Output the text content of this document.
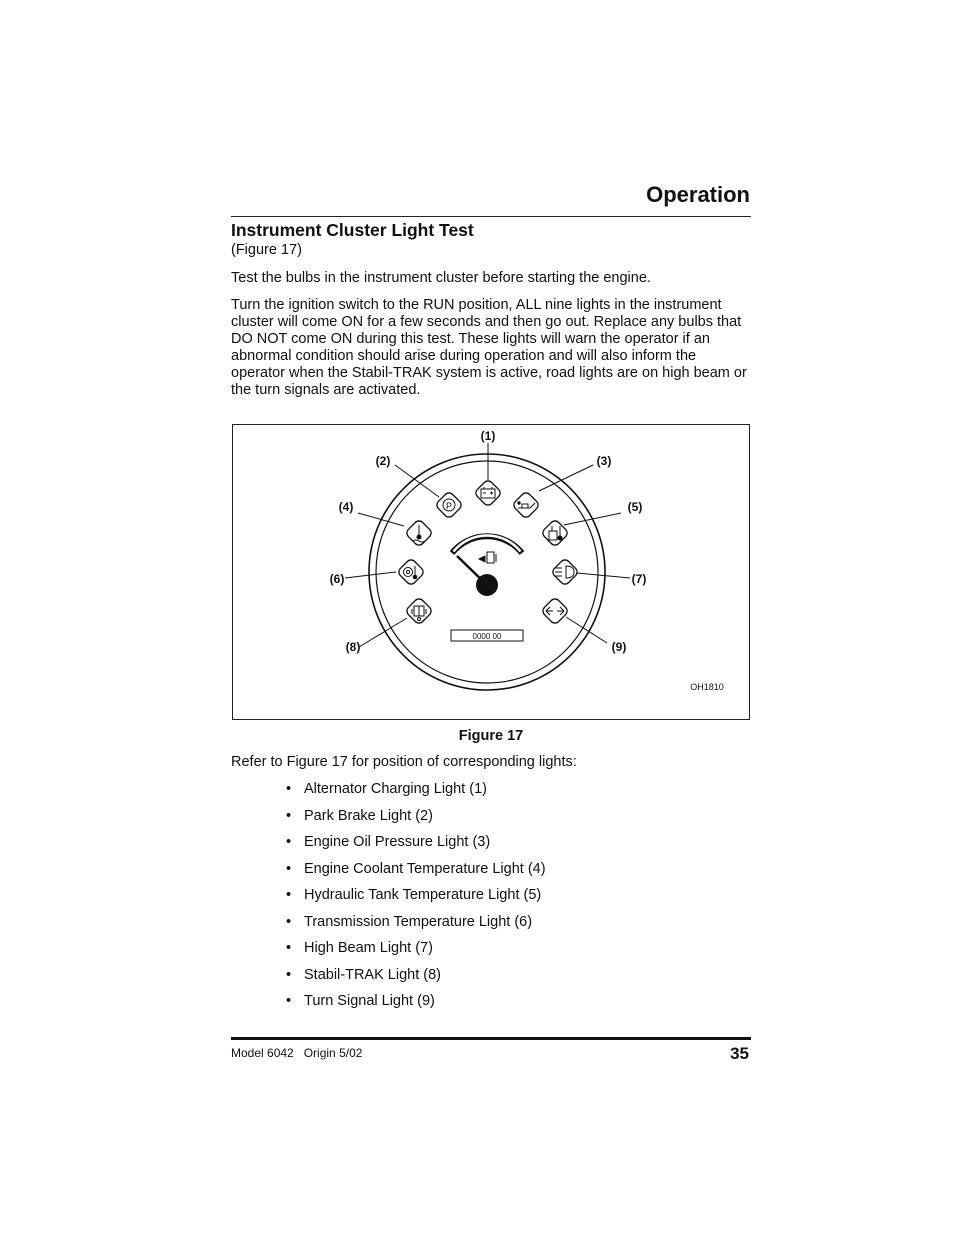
Operation
Instrument Cluster Light Test
(Figure 17)

Test the bulbs in the instrument cluster before starting the engine.

Turn the ignition switch to the RUN position, ALL nine lights in the instrument cluster will come ON for a few seconds and then go out. Replace any bulbs that DO NOT come ON during this test. These lights will warn the operator if an abnormal condition should arise during operation and will also inform the operator when the Stabil-TRAK system is active, road lights are on high beam or the turn signals are activated.

(1)
(2)	(3)
(4)	(5)
(6)	(7)
(8)	(9)
P
0000 00
OH1810
Figure 17

Refer to Figure 17 for position of corresponding lights:

• Alternator Charging Light (1)
• Park Brake Light (2)
• Engine Oil Pressure Light (3)
• Engine Coolant Temperature Light (4)
• Hydraulic Tank Temperature Light (5)
• Transmission Temperature Light (6)
• High Beam Light (7)
• Stabil-TRAK Light (8)
• Turn Signal Light (9)
Model 6042 Origin 5/02	35
